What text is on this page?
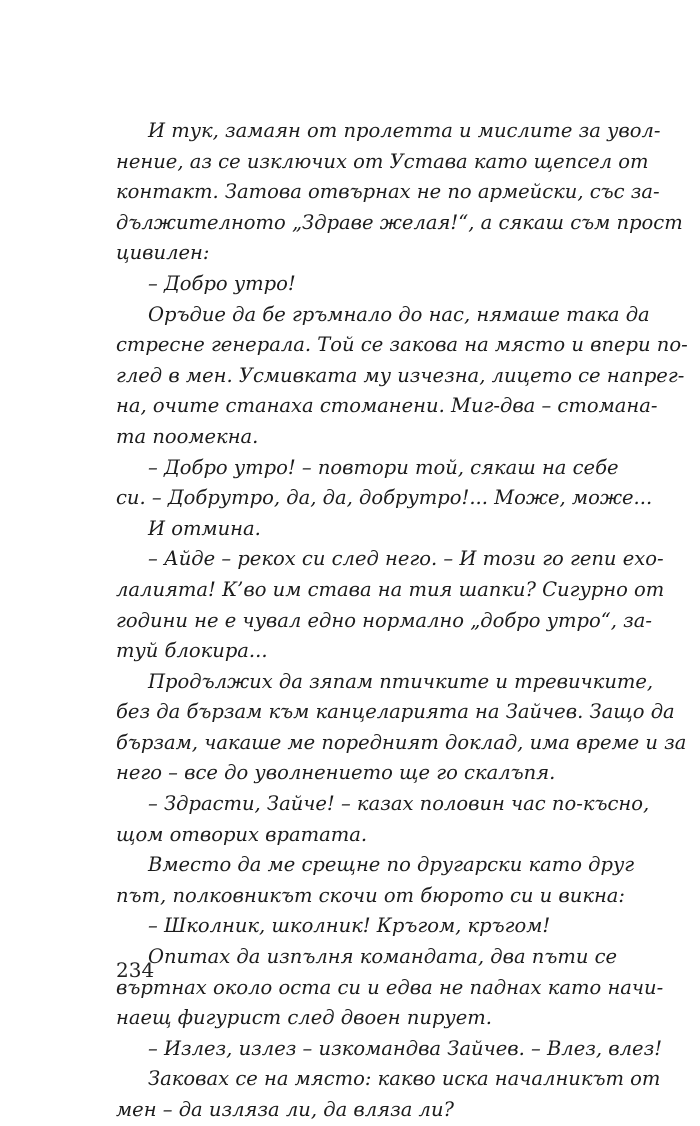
И тук, замаян от пролетта и мислите за увол-
нение, аз се изключих от Устава като щепсел от
контакт. Затова отвърнах не по армейски, със за-
дължителното „Здраве желая!“, а сякаш съм прост
цивилен:
– Добро утро!
Оръдие да бе гръмнало до нас, нямаше така да
стресне генерала. Той се закова на място и впери по-
глед в мен. Усмивката му изчезна, лицето се напрег-
на, очите станаха стоманени. Миг-два – стомана-
та поомекна.
– Добро утро! – повтори той, сякаш на себе
си. – Добрутро, да, да, добрутро!... Може, може...
И отмина.
– Айде – рекох си след него. – И този го гепи ехо-
лалията! К’во им става на тия шапки? Сигурно от
години не е чувал едно нормално „добро утро“, за-
туй блокира...
Продължих да зяпам птичките и тревичките,
без да бързам към канцеларията на Зайчев. Защо да
бързам, чакаше ме поредният доклад, има време и за
него – все до уволнението ще го скалъпя.
– Здрасти, Зайче! – казах половин час по-късно,
щом отворих вратата.
Вместо да ме срещне по другарски като друг
път, полковникът скочи от бюрото си и викна:
– Школник, школник! Кръгом, кръгом!
Опитах да изпълня командата, два пъти се
въртнах около оста си и едва не паднах като начи-
наещ фигурист след двоен пирует.
– Излез, излез – изкомандва Зайчев. – Влез, влез!
Заковах се на място: какво иска началникът от
мен – да изляза ли, да вляза ли?
234
